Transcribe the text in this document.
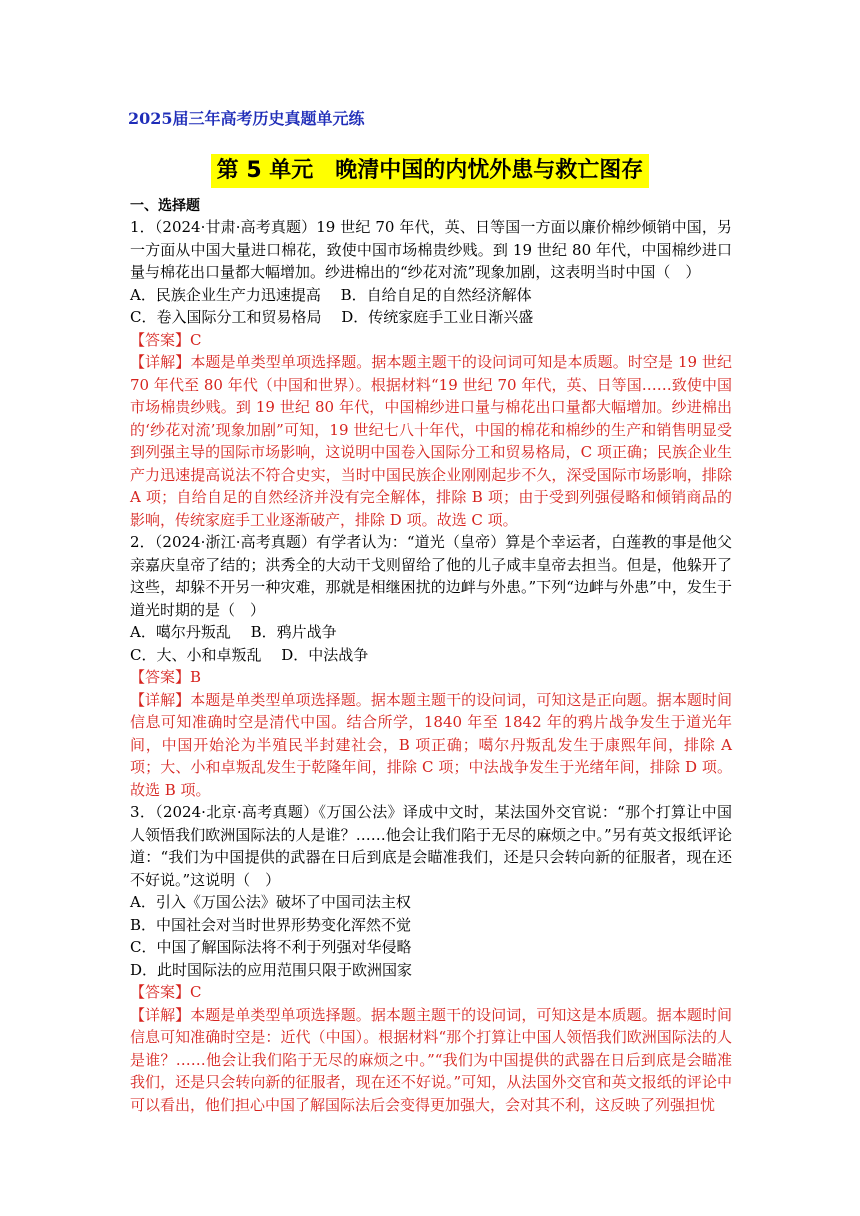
2025届三年高考历史真题单元练
第 5 单元　晚清中国的内忧外患与救亡图存
一、选择题

1．（2024·甘肃·高考真题）19 世纪 70 年代，英、日等国一方面以廉价棉纱倾销中国，另一方面从中国大量进口棉花，致使中国市场棉贵纱贱。到 19 世纪 80 年代，中国棉纱进口量与棉花出口量都大幅增加。纱进棉出的“纱花对流”现象加剧，这表明当时中国（　）

A．民族企业生产力迅速提高　 B．自给自足的自然经济解体

C．卷入国际分工和贸易格局　 D．传统家庭手工业日渐兴盛

【答案】C

【详解】本题是单类型单项选择题。据本题主题干的设问词可知是本质题。时空是 19 世纪 70 年代至 80 年代（中国和世界）。根据材料“19 世纪 70 年代，英、日等国……致使中国市场棉贵纱贱。到 19 世纪 80 年代，中国棉纱进口量与棉花出口量都大幅增加。纱进棉出的‘纱花对流’现象加剧”可知，19 世纪七八十年代，中国的棉花和棉纱的生产和销售明显受到列强主导的国际市场影响，这说明中国卷入国际分工和贸易格局，C 项正确；民族企业生产力迅速提高说法不符合史实，当时中国民族企业刚刚起步不久，深受国际市场影响，排除 A 项；自给自足的自然经济并没有完全解体，排除 B 项；由于受到列强侵略和倾销商品的影响，传统家庭手工业逐渐破产，排除 D 项。故选 C 项。

2．（2024·浙江·高考真题）有学者认为：“道光（皇帝）算是个幸运者，白莲教的事是他父亲嘉庆皇帝了结的；洪秀全的大动干戈则留给了他的儿子咸丰皇帝去担当。但是，他躲开了这些，却躲不开另一种灾难，那就是相继困扰的边衅与外患。”下列“边衅与外患”中，发生于道光时期的是（　）

A．噶尔丹叛乱　 B．鸦片战争

C．大、小和卓叛乱　 D．中法战争

【答案】B

【详解】本题是单类型单项选择题。据本题主题干的设问词，可知这是正向题。据本题时间信息可知准确时空是清代中国。结合所学，1840 年至 1842 年的鸦片战争发生于道光年间，中国开始沦为半殖民半封建社会，B 项正确；噶尔丹叛乱发生于康熙年间，排除 A 项；大、小和卓叛乱发生于乾隆年间，排除 C 项；中法战争发生于光绪年间，排除 D 项。故选 B 项。

3．（2024·北京·高考真题）《万国公法》译成中文时，某法国外交官说：“那个打算让中国人领悟我们欧洲国际法的人是谁？……他会让我们陷于无尽的麻烦之中。”另有英文报纸评论道：“我们为中国提供的武器在日后到底是会瞄准我们，还是只会转向新的征服者，现在还不好说。”这说明（　）

A．引入《万国公法》破坏了中国司法主权

B．中国社会对当时世界形势变化浑然不觉

C．中国了解国际法将不利于列强对华侵略

D．此时国际法的应用范围只限于欧洲国家

【答案】C

【详解】本题是单类型单项选择题。据本题主题干的设问词，可知这是本质题。据本题时间信息可知准确时空是：近代（中国）。根据材料“那个打算让中国人领悟我们欧洲国际法的人是谁？……他会让我们陷于无尽的麻烦之中。”“我们为中国提供的武器在日后到底是会瞄准我们，还是只会转向新的征服者，现在还不好说。”可知，从法国外交官和英文报纸的评论中可以看出，他们担心中国了解国际法后会变得更加强大，会对其不利，这反映了列强担忧
